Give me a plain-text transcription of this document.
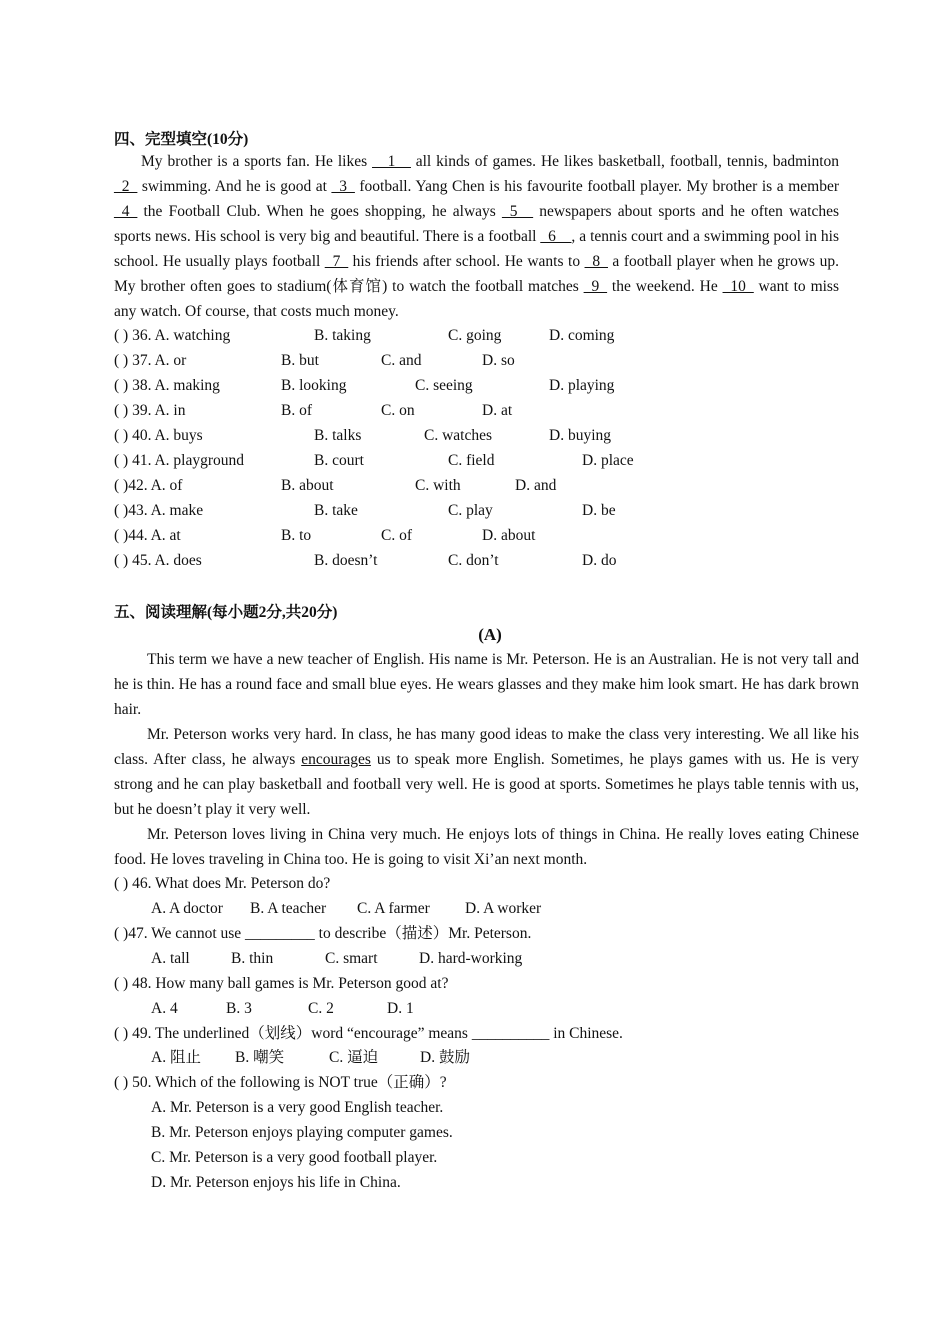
四、完型填空(10分)
My brother is a sports fan. He likes __1__ all kinds of games. He likes basketball, football, tennis, badminton _2_ swimming. And he is good at _3_ football. Yang Chen is his favourite football player. My brother is a member _4_ the Football Club. When he goes shopping, he always _5__ newspapers about sports and he often watches sports news. His school is very big and beautiful. There is a football _6__, a tennis court and a swimming pool in his school. He usually plays football _7_ his friends after school. He wants to _8_ a football player when he grows up. My brother often goes to stadium(体育馆) to watch the football matches _9_ the weekend. He _10_ want to miss any watch. Of course, that costs much money.
( ) 36. A. watching	B. taking	C. going	D. coming
( ) 37. A. or	B. but	C. and	D. so
( ) 38. A. making	B. looking	C. seeing	D. playing
( ) 39. A. in	B. of	C. on	D. at
( ) 40. A. buys	B. talks	C. watches	D. buying
( ) 41. A. playground	B. court	C. field	D. place
( )42. A. of	B. about	C. with	D. and
( )43. A. make	B. take	C. play	D. be
( )44. A. at	B. to	C. of	D. about
( ) 45. A. does	B. doesn’t	C. don’t	D. do
五、阅读理解(每小题2分,共20分)
(A)
This term we have a new teacher of English. His name is Mr. Peterson. He is an Australian. He is not very tall and he is thin. He has a round face and small blue eyes. He wears glasses and they make him look smart. He has dark brown hair.
Mr. Peterson works very hard. In class, he has many good ideas to make the class very interesting. We all like his class. After class, he always encourages us to speak more English. Sometimes, he plays games with us. He is very strong and he can play basketball and football very well. He is good at sports. Sometimes he plays table tennis with us, but he doesn’t play it very well.
Mr. Peterson loves living in China very much. He enjoys lots of things in China. He really loves eating Chinese food. He loves traveling in China too. He is going to visit Xi’an next month.
( ) 46. What does Mr. Peterson do?
A. A doctor B. A teacher C. A farmer D. A worker
( )47. We cannot use _________ to describe（描述）Mr. Peterson.
A. tall	B. thin	C. smart	D. hard-working
( ) 48. How many ball games is Mr. Peterson good at?
A. 4	B. 3	C. 2	D. 1
( ) 49. The underlined（划线）word “encourage” means __________ in Chinese.
A. 阻止 B. 嘲笑	C. 逼迫	D. 鼓励
( ) 50. Which of the following is NOT true（正确）?
A. Mr. Peterson is a very good English teacher.
B. Mr. Peterson enjoys playing computer games.
C. Mr. Peterson is a very good football player.
D. Mr. Peterson enjoys his life in China.
